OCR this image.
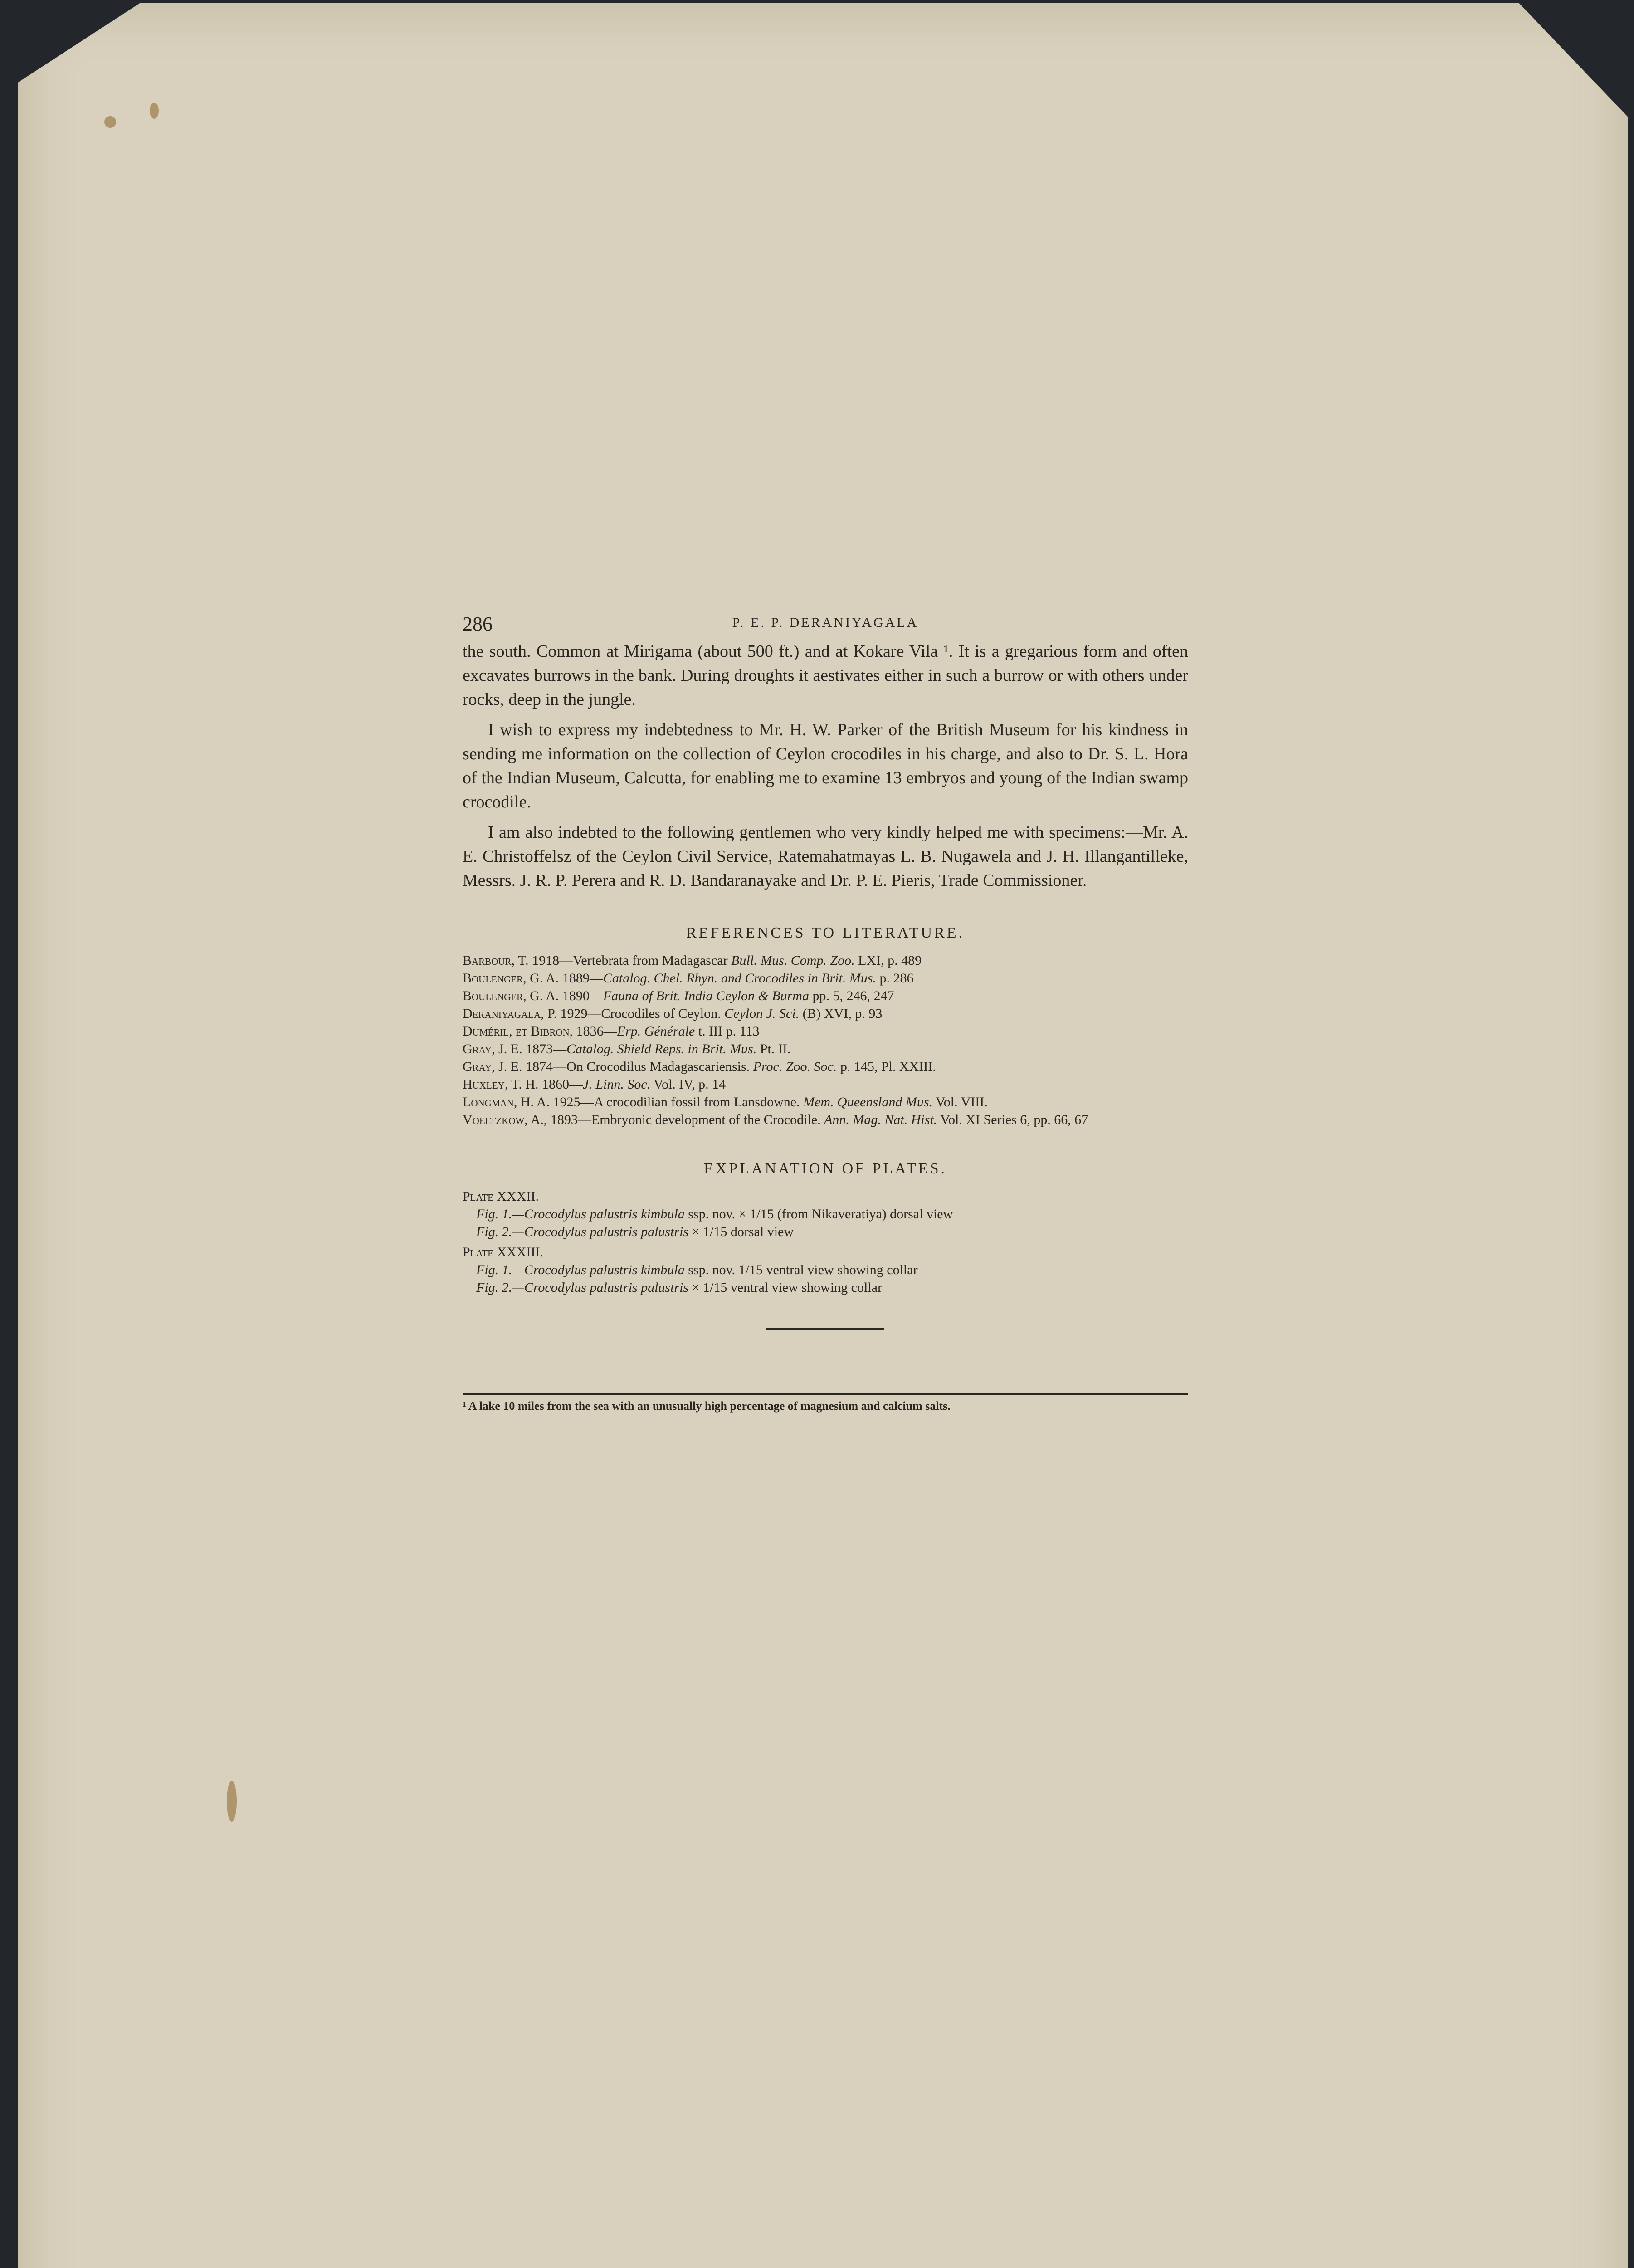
286	P. E. P. DERANIYAGALA

the south. Common at Mirigama (about 500 ft.) and at Kokare Vila ¹. It is a gregarious form and often excavates burrows in the bank. During droughts it aestivates either in such a burrow or with others under rocks, deep in the jungle.

I wish to express my indebtedness to Mr. H. W. Parker of the British Museum for his kindness in sending me information on the collection of Ceylon crocodiles in his charge, and also to Dr. S. L. Hora of the Indian Museum, Calcutta, for enabling me to examine 13 embryos and young of the Indian swamp crocodile.

I am also indebted to the following gentlemen who very kindly helped me with specimens:—Mr. A. E. Christoffelsz of the Ceylon Civil Service, Ratemahatmayas L. B. Nugawela and J. H. Illangantilleke, Messrs. J. R. P. Perera and R. D. Bandaranayake and Dr. P. E. Pieris, Trade Commissioner.

REFERENCES TO LITERATURE.

Barbour, T. 1918—Vertebrata from Madagascar Bull. Mus. Comp. Zoo. LXI, p. 489

Boulenger, G. A. 1889—Catalog. Chel. Rhyn. and Crocodiles in Brit. Mus. p. 286

Boulenger, G. A. 1890—Fauna of Brit. India Ceylon & Burma pp. 5, 246, 247

Deraniyagala, P. 1929—Crocodiles of Ceylon. Ceylon J. Sci. (B) XVI, p. 93

Duméril, et Bibron, 1836—Erp. Générale t. III p. 113

Gray, J. E. 1873—Catalog. Shield Reps. in Brit. Mus. Pt. II.

Gray, J. E. 1874—On Crocodilus Madagascariensis. Proc. Zoo. Soc. p. 145, Pl. XXIII.

Huxley, T. H. 1860—J. Linn. Soc. Vol. IV, p. 14

Longman, H. A. 1925—A crocodilian fossil from Lansdowne. Mem. Queensland Mus. Vol. VIII.

Voeltzkow, A., 1893—Embryonic development of the Crocodile. Ann. Mag. Nat. Hist. Vol. XI Series 6, pp. 66, 67

EXPLANATION OF PLATES.
Plate XXXII.

Fig. 1.—Crocodylus palustris kimbula ssp. nov. × 1/15 (from Nikaveratiya) dorsal view

Fig. 2.—Crocodylus palustris palustris × 1/15 dorsal view

Plate XXXIII.

Fig. 1.—Crocodylus palustris kimbula ssp. nov. 1/15 ventral view showing collar

Fig. 2.—Crocodylus palustris palustris × 1/15 ventral view showing collar

¹ A lake 10 miles from the sea with an unusually high percentage of magnesium and calcium salts.
